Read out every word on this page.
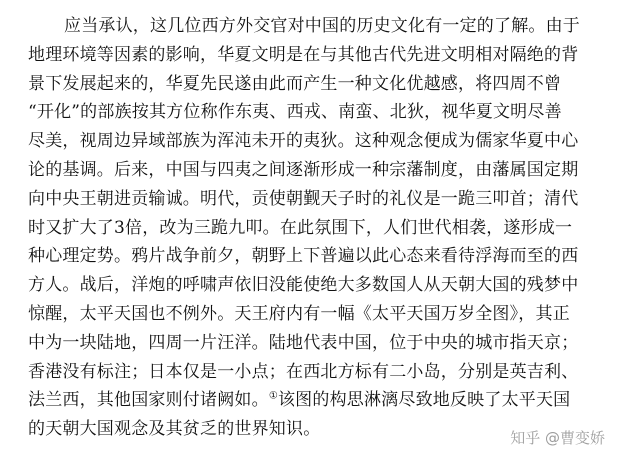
应当承认，这几位西方外交官对中国的历史文化有一定的了解。由于
地理环境等因素的影响，华夏文明是在与其他古代先进文明相对隔绝的背
景下发展起来的，华夏先民遂由此而产生一种文化优越感，将四周不曾
“开化”的部族按其方位称作东夷、西戎、南蛮、北狄，视华夏文明尽善
尽美，视周边异域部族为浑沌未开的夷狄。这种观念便成为儒家华夏中心
论的基调。后来，中国与四夷之间逐渐形成一种宗藩制度，由藩属国定期
向中央王朝进贡输诚。明代，贡使朝觐天子时的礼仪是一跪三叩首；清代
时又扩大了3倍，改为三跪九叩。在此氛围下，人们世代相袭，遂形成一
种心理定势。鸦片战争前夕，朝野上下普遍以此心态来看待浮海而至的西
方人。战后，洋炮的呼啸声依旧没能使绝大多数国人从天朝大国的残梦中
惊醒，太平天国也不例外。天王府内有一幅《太平天国万岁全图》，其正
中为一块陆地，四周一片汪洋。陆地代表中国，位于中央的城市指天京；
香港没有标注；日本仅是一小点；在西北方标有二小岛，分别是英吉利、
法兰西，其他国家则付诸阙如。①该图的构思淋漓尽致地反映了太平天国
的天朝大国观念及其贫乏的世界知识。	知乎 @曹变娇
